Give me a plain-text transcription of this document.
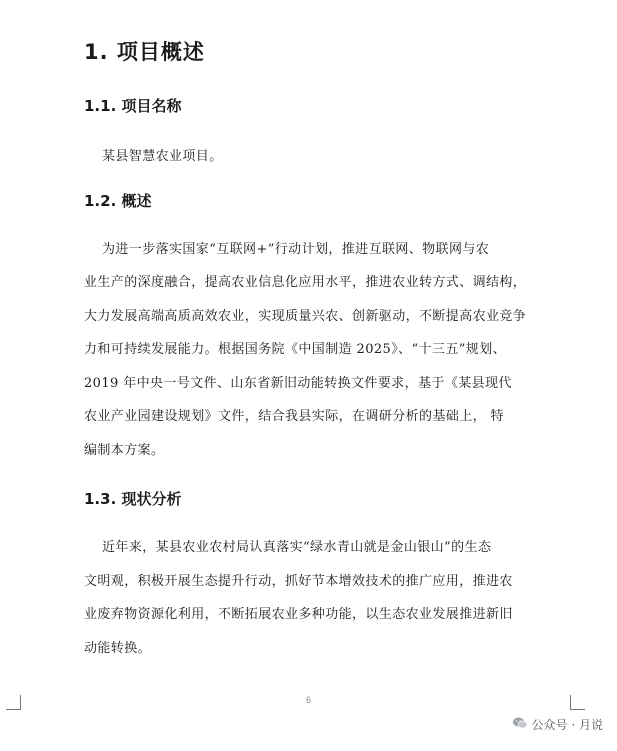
1. 项目概述
1.1. 项目名称
某县智慧农业项目。
1.2. 概述
为进一步落实国家“互联网+”行动计划，推进互联网、物联网与农
业生产的深度融合，提高农业信息化应用水平，推进农业转方式、调结构，
大力发展高端高质高效农业，实现质量兴农、创新驱动，不断提高农业竞争
力和可持续发展能力。根据国务院《中国制造 2025》、“十三五”规划、
2019 年中央一号文件、山东省新旧动能转换文件要求，基于《某县现代
农业产业园建设规划》文件，结合我县实际，在调研分析的基础上， 特
编制本方案。
1.3. 现状分析
近年来，某县农业农村局认真落实“绿水青山就是金山银山”的生态
文明观，积极开展生态提升行动，抓好节本增效技术的推广应用，推进农
业废弃物资源化利用，不断拓展农业多种功能，以生态农业发展推进新旧
动能转换。
6
公众号 · 月说
